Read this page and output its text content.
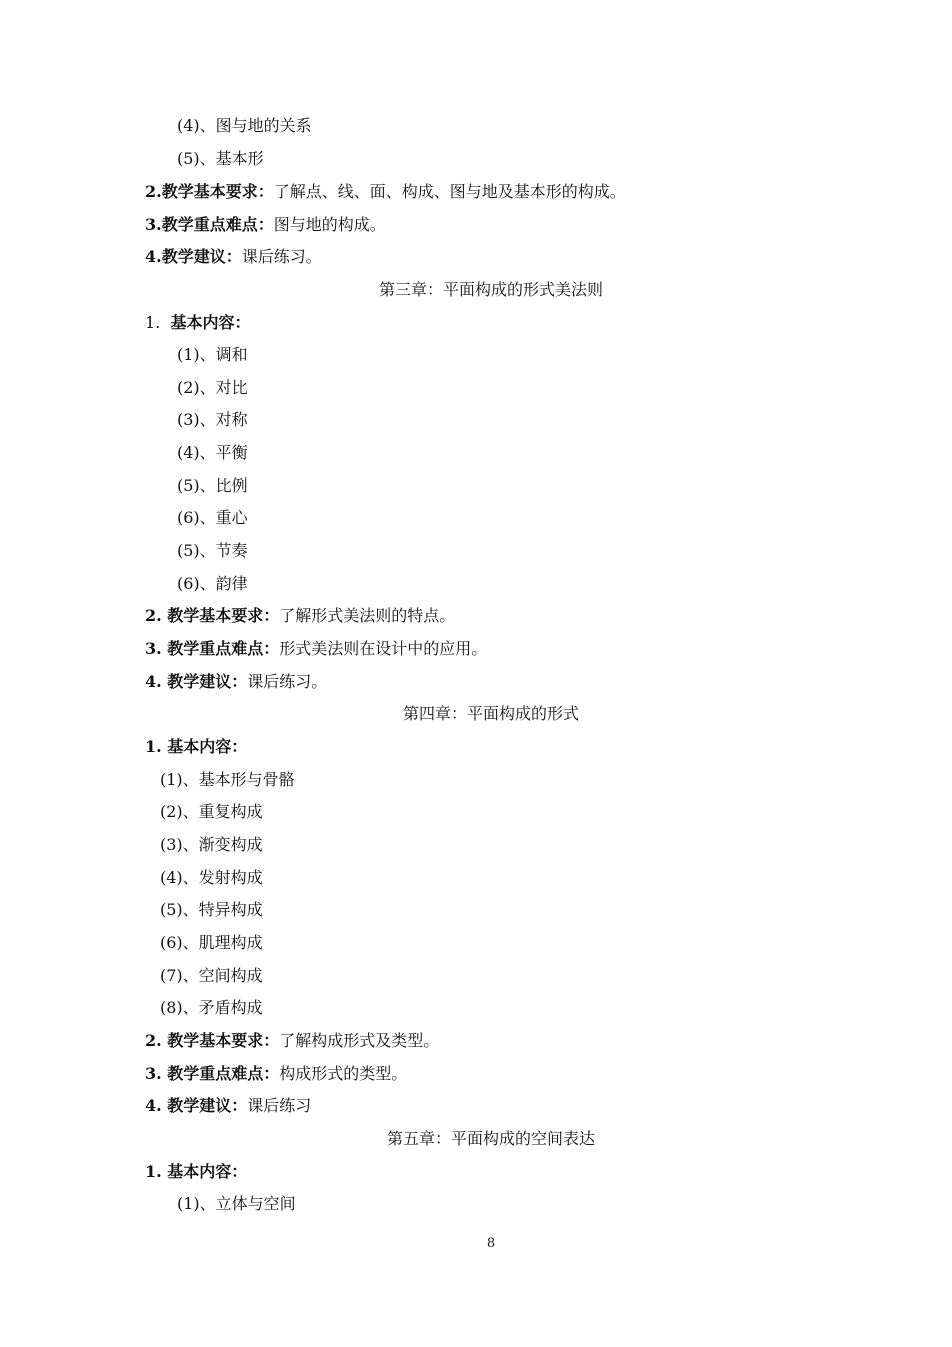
(4)、图与地的关系
(5)、基本形
2.教学基本要求：了解点、线、面、构成、图与地及基本形的构成。
3.教学重点难点：图与地的构成。
4.教学建议：课后练习。
第三章：平面构成的形式美法则
1. 基本内容：
(1)、调和
(2)、对比
(3)、对称
(4)、平衡
(5)、比例
(6)、重心
(5)、节奏
(6)、韵律
2. 教学基本要求：了解形式美法则的特点。
3. 教学重点难点：形式美法则在设计中的应用。
4. 教学建议：课后练习。
第四章：平面构成的形式
1. 基本内容：
(1)、基本形与骨骼
(2)、重复构成
(3)、渐变构成
(4)、发射构成
(5)、特异构成
(6)、肌理构成
(7)、空间构成
(8)、矛盾构成
2. 教学基本要求：了解构成形式及类型。
3. 教学重点难点：构成形式的类型。
4. 教学建议：课后练习
第五章：平面构成的空间表达
1. 基本内容：
(1)、立体与空间
8
